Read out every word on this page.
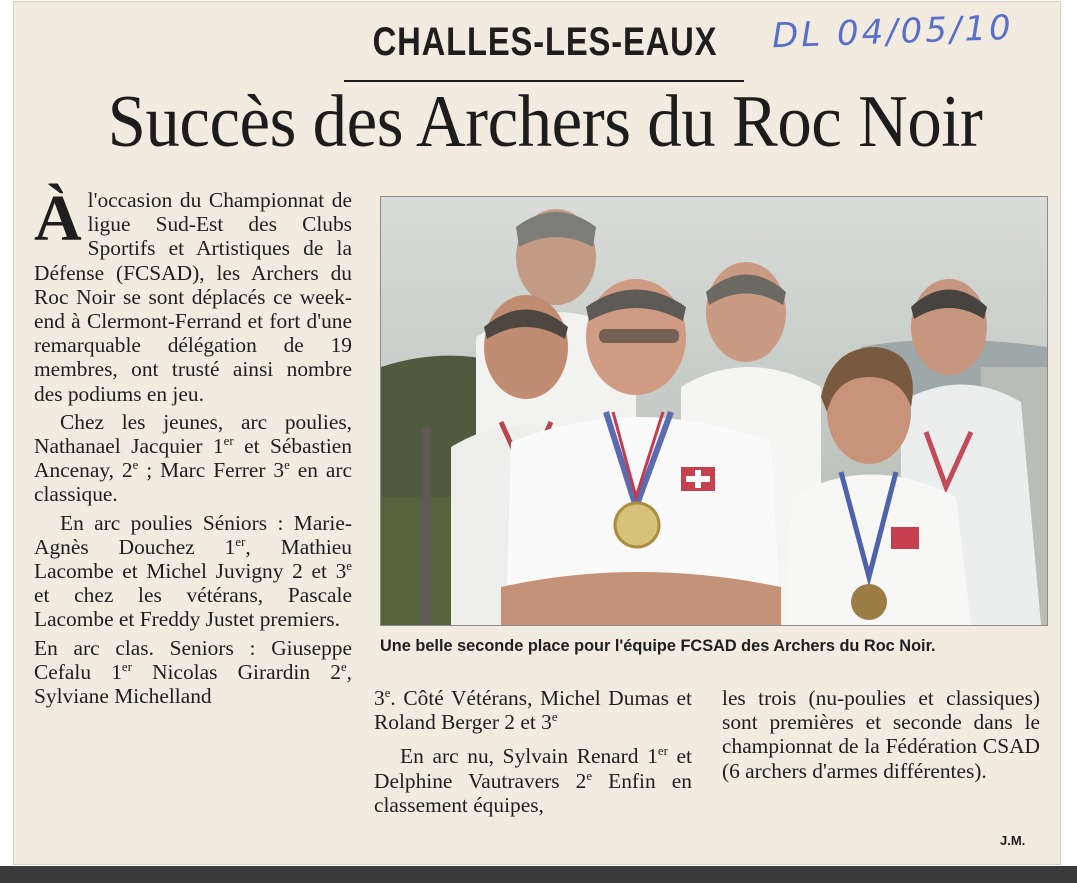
CHALLES-LES-EAUX DL 04/05/10
Succès des Archers du Roc Noir

Àl'occasion du Championnat de ligue Sud-Est des Clubs Sportifs et Artistiques de la Défense (FCSAD), les Archers du Roc Noir se sont déplacés ce week-end à Clermont-Ferrand et fort d'une remarquable délégation de 19 membres, ont trusté ainsi nombre des podiums en jeu.

Chez les jeunes, arc poulies, Nathanael Jacquier 1er et Sébastien Ancenay, 2e ; Marc Ferrer 3e en arc classique.

En arc poulies Séniors : Marie-Agnès Douchez 1er, Mathieu Lacombe et Michel Juvigny 2 et 3e et chez les vétérans, Pascale Lacombe et Freddy Justet premiers.

En arc clas. Seniors : Giuseppe Cefalu 1er Nicolas Girardin 2e, Sylviane Michelland

Une belle seconde place pour l'équipe FCSAD des Archers du Roc Noir.

3e. Côté Vétérans, Michel Dumas et Roland Berger 2 et 3e

En arc nu, Sylvain Renard 1er et Delphine Vautravers 2e Enfin en classement équipes,

les trois (nu-poulies et classiques) sont premières et seconde dans le championnat de la Fédération CSAD (6 archers d'armes différentes).

J.M.
